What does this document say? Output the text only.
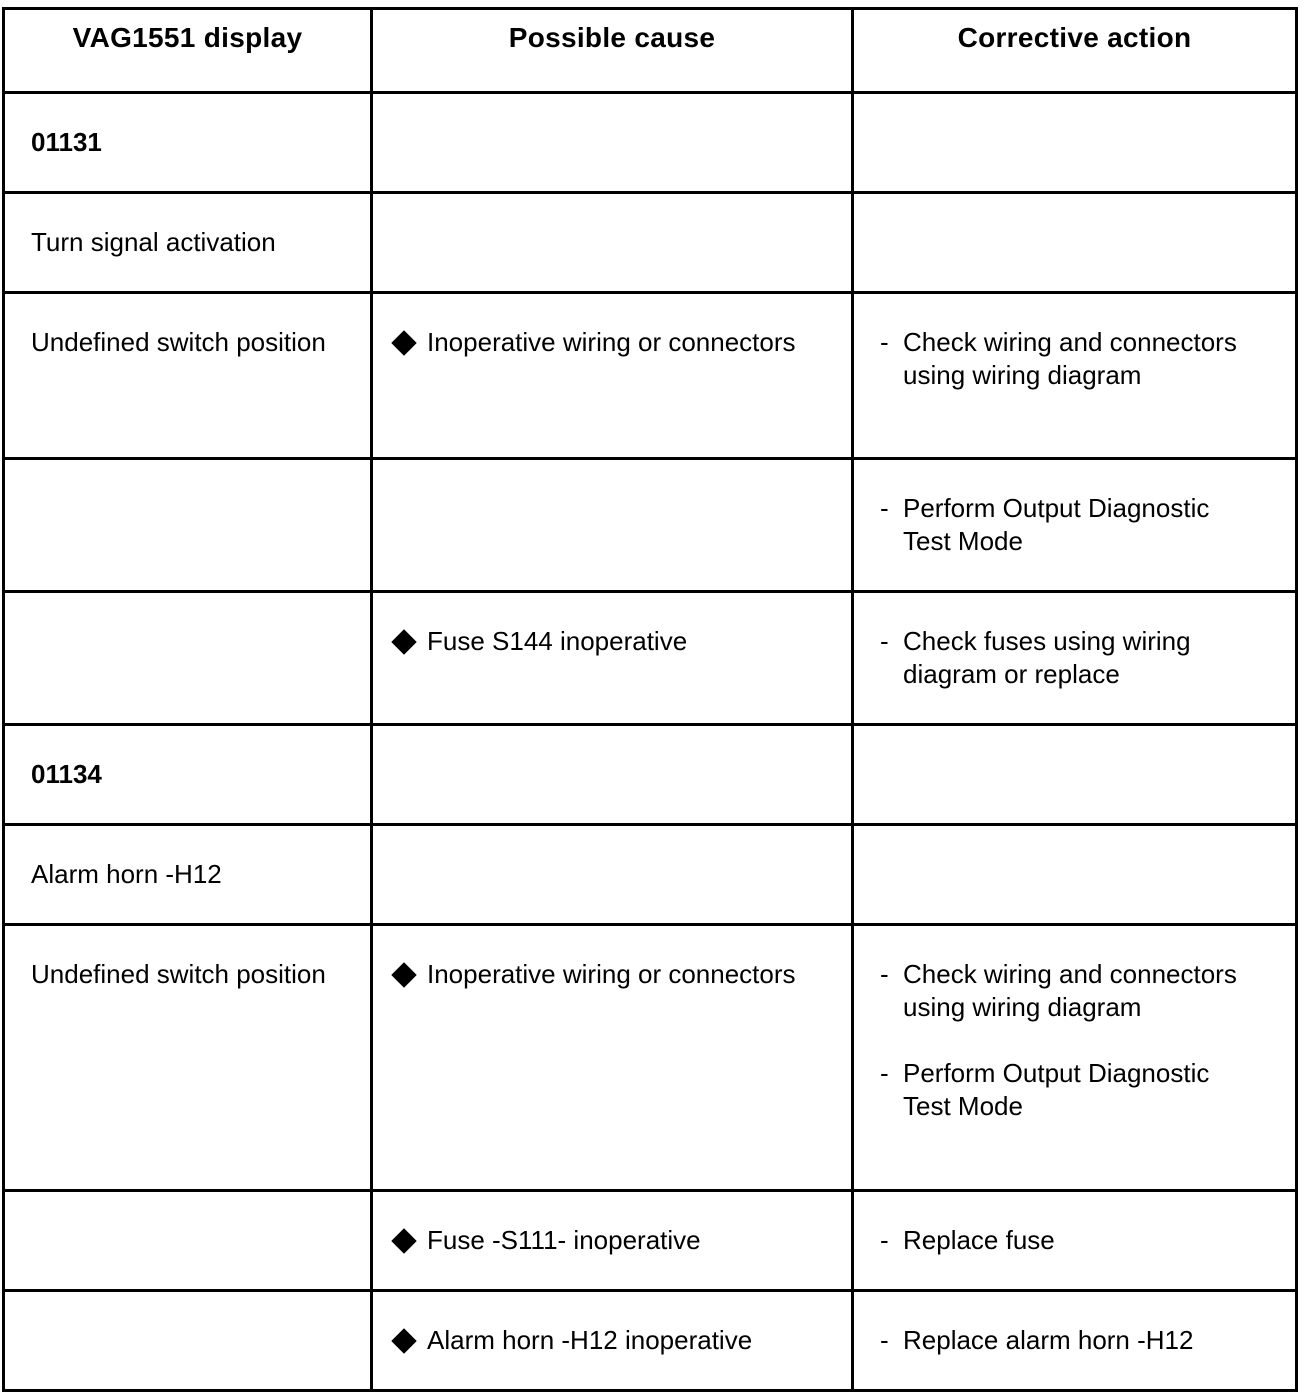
VAG1551 display	Possible cause	Corrective action

01131		

Turn signal activation		

Undefined switch position	Inoperative wiring or connectors	- Check wiring and connectors using wiring diagram

		- Perform Output Diagnostic Test Mode

	Fuse S144 inoperative	- Check fuses using wiring diagram or replace

01134		

Alarm horn -H12		

Undefined switch position	Inoperative wiring or connectors	- Check wiring and connectors using wiring diagram
- Perform Output Diagnostic Test Mode

	Fuse -S111- inoperative	- Replace fuse

	Alarm horn -H12 inoperative	- Replace alarm horn -H12
